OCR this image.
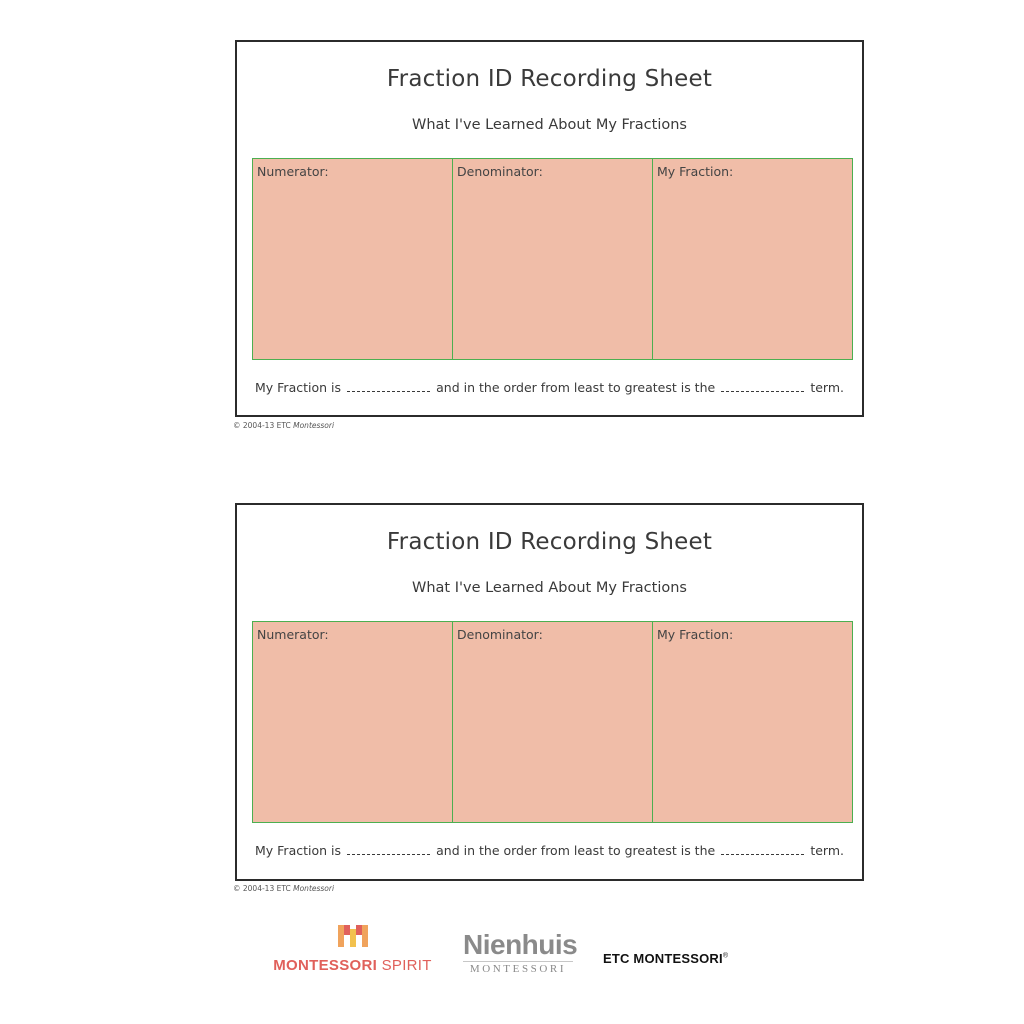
Fraction ID Recording Sheet
What I've Learned About My Fractions
Numerator:	Denominator:	My Fraction:
My Fraction is	and in the order from least to greatest is the	term.
© 2004-13 ETC Montessori
Fraction ID Recording Sheet
What I've Learned About My Fractions
Numerator:	Denominator:	My Fraction:
My Fraction is	and in the order from least to greatest is the	term.
© 2004-13 ETC Montessori
MONTESSORI SPIRIT
Nienhuis
MONTESSORI
ETC MONTESSORI®
